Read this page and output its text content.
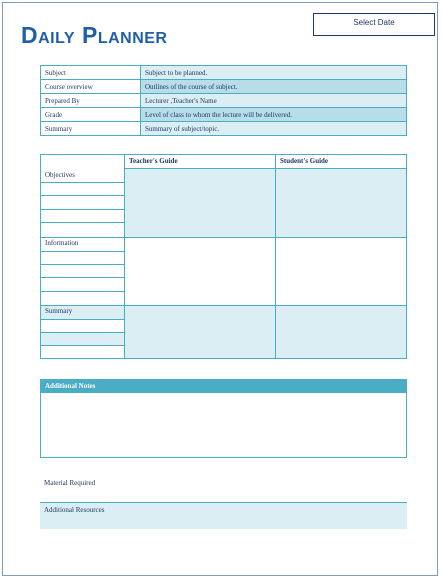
Select Date
Daily Planner
Subject	Subject to be planned.
Course overview	Outlines of the course of subject.
Prepared By	Lecturer ,Teacher's Name
Grade	Level of class to whom the lecture will be delivered.
Summary	Summary of subject/topic.
Teacher's Guide	Student's Guide
Objectives
Information
Summary
Additional Notes
Material Required
Additional Resources
